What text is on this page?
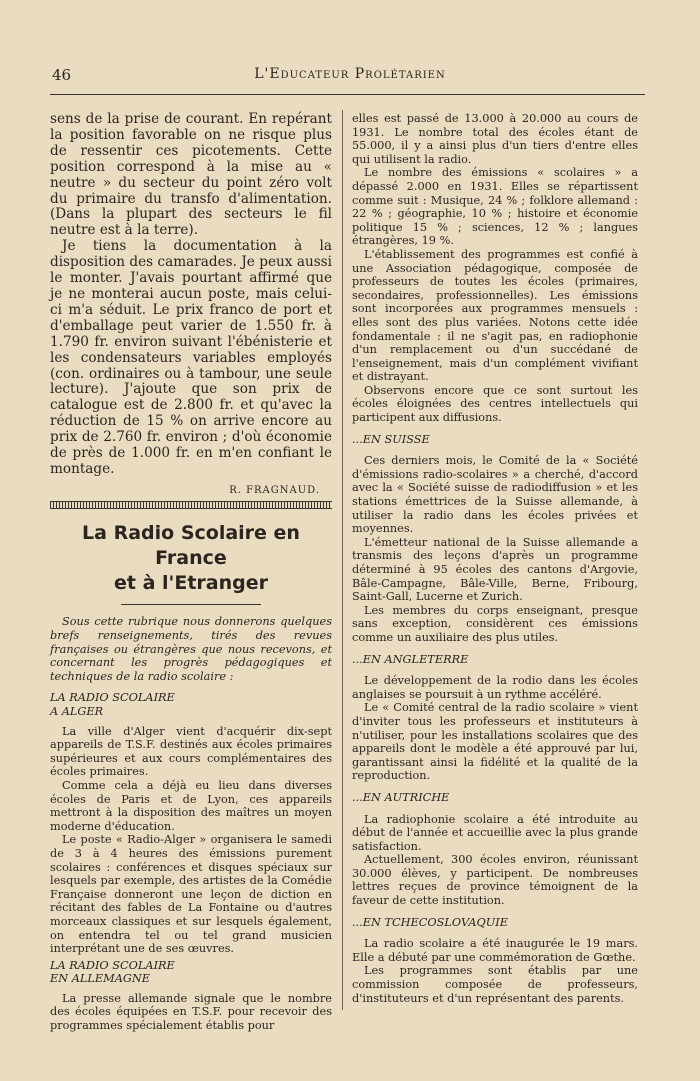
46	L'Educateur Prolétarien

sens de la prise de courant. En repérant la position favorable on ne risque plus de ressentir ces picotements. Cette position correspond à la mise au « neutre » du secteur du point zéro volt du primaire du transfo d'alimentation. (Dans la plupart des secteurs le fil neutre est à la terre).

Je tiens la documentation à la disposition des camarades. Je peux aussi le monter. J'avais pourtant affirmé que je ne monterai aucun poste, mais celui-ci m'a séduit. Le prix franco de port et d'emballage peut varier de 1.550 fr. à 1.790 fr. environ suivant l'ébénisterie et les condensateurs variables employés (con. ordinaires ou à tambour, une seule lecture). J'ajoute que son prix de catalogue est de 2.800 fr. et qu'avec la réduction de 15 % on arrive encore au prix de 2.760 fr. environ ; d'où économie de près de 1.000 fr. en m'en confiant le montage.

R. FRAGNAUD.
La Radio Scolaire en France
et à l'Etranger

Sous cette rubrique nous donnerons quelques brefs renseignements, tirés des revues françaises ou étrangères que nous recevons, et concernant les progrès pédagogiques et techniques de la radio scolaire :

LA RADIO SCOLAIRE
A ALGER

La ville d'Alger vient d'acquérir dix-sept appareils de T.S.F. destinés aux écoles primaires supérieures et aux cours complémentaires des écoles primaires.

Comme cela a déjà eu lieu dans diverses écoles de Paris et de Lyon, ces appareils mettront à la disposition des maîtres un moyen moderne d'éducation.

Le poste « Radio-Alger » organisera le samedi de 3 à 4 heures des émissions purement scolaires : conférences et disques spéciaux sur lesquels par exemple, des artistes de la Comédie Française donneront une leçon de diction en récitant des fables de La Fontaine ou d'autres morceaux classiques et sur lesquels également, on entendra tel ou tel grand musicien interprétant une de ses œuvres.

LA RADIO SCOLAIRE
EN ALLEMAGNE

La presse allemande signale que le nombre des écoles équipées en T.S.F. pour recevoir des programmes spécialement établis pour

elles est passé de 13.000 à 20.000 au cours de 1931. Le nombre total des écoles étant de 55.000, il y a ainsi plus d'un tiers d'entre elles qui utilisent la radio.

Le nombre des émissions « scolaires » a dépassé 2.000 en 1931. Elles se répartissent comme suit : Musique, 24 % ; folklore allemand : 22 % ; géographie, 10 % ; histoire et économie politique 15 % ; sciences, 12 % ; langues étrangères, 19 %.

L'établissement des programmes est confié à une Association pédagogique, composée de professeurs de toutes les écoles (primaires, secondaires, professionnelles). Les émissions sont incorporées aux programmes mensuels : elles sont des plus variées. Notons cette idée fondamentale : il ne s'agit pas, en radiophonie d'un remplacement ou d'un succédané de l'enseignement, mais d'un complément vivifiant et distrayant.

Observons encore que ce sont surtout les écoles éloignées des centres intellectuels qui participent aux diffusions.

...EN SUISSE

Ces derniers mois, le Comité de la « Société d'émissions radio-scolaires » a cherché, d'accord avec la « Société suisse de radiodiffusion » et les stations émettrices de la Suisse allemande, à utiliser la radio dans les écoles privées et moyennes.

L'émetteur national de la Suisse allemande a transmis des leçons d'après un programme déterminé à 95 écoles des cantons d'Argovie, Bâle-Campagne, Bâle-Ville, Berne, Fribourg, Saint-Gall, Lucerne et Zurich.

Les membres du corps enseignant, presque sans exception, considèrent ces émissions comme un auxiliaire des plus utiles.

...EN ANGLETERRE

Le développement de la rodio dans les écoles anglaises se poursuit à un rythme accéléré.

Le « Comité central de la radio scolaire » vient d'inviter tous les professeurs et instituteurs à n'utiliser, pour les installations scolaires que des appareils dont le modèle a été approuvé par lui, garantissant ainsi la fidélité et la qualité de la reproduction.

...EN AUTRICHE

La radiophonie scolaire a été introduite au début de l'année et accueillie avec la plus grande satisfaction.

Actuellement, 300 écoles environ, réunissant 30.000 élèves, y participent. De nombreuses lettres reçues de province témoignent de la faveur de cette institution.

...EN TCHECOSLOVAQUIE

La radio scolaire a été inaugurée le 19 mars. Elle a débuté par une commémoration de Gœthe.

Les programmes sont établis par une commission composée de professeurs, d'instituteurs et d'un représentant des parents.
